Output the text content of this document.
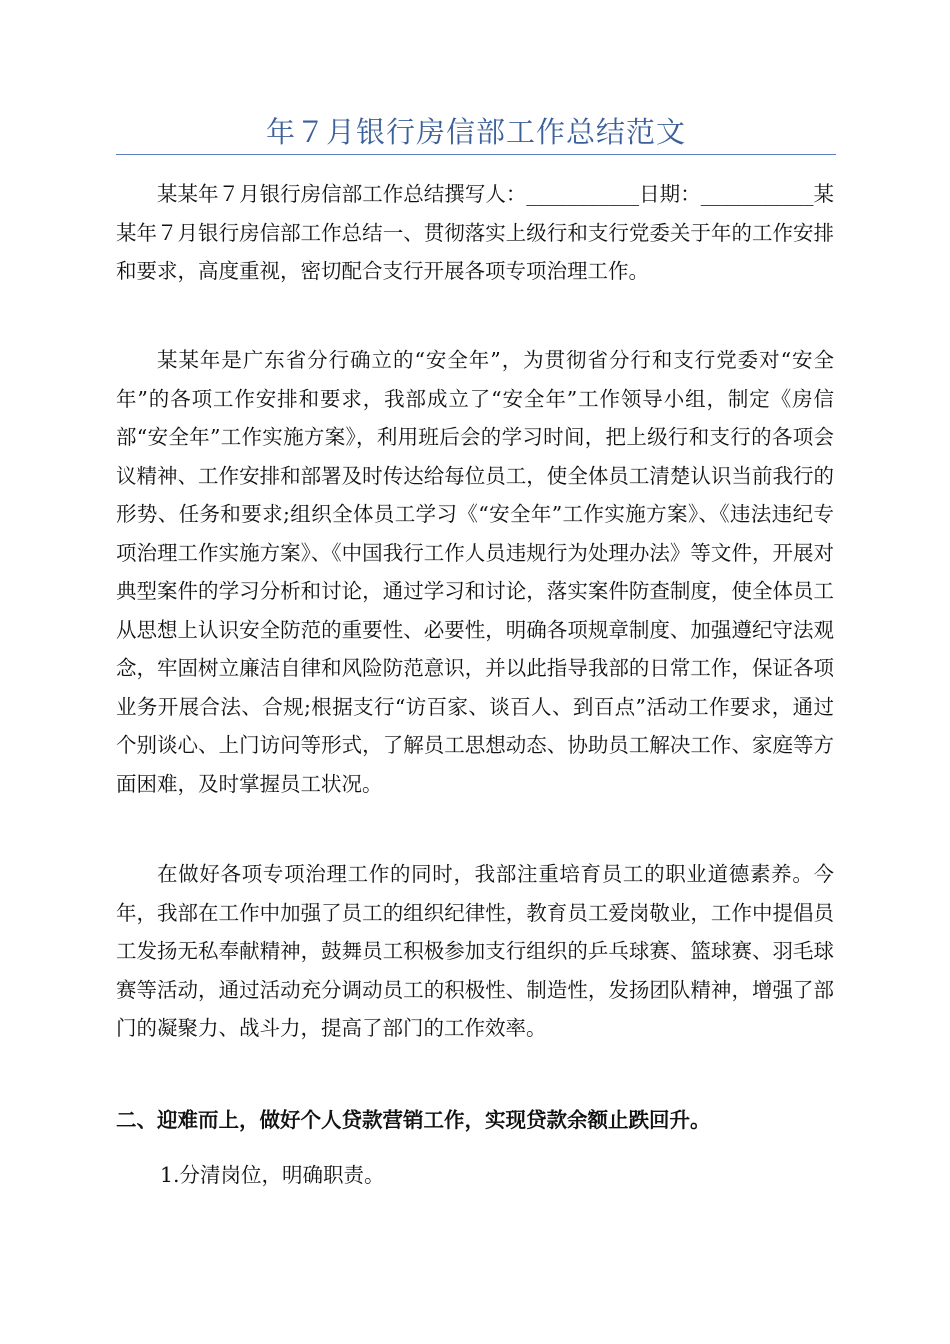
年７月银行房信部工作总结范文

某某年７月银行房信部工作总结撰写人：___________日期：___________某某年７月银行房信部工作总结一、贯彻落实上级行和支行党委关于年的工作安排和要求，高度重视，密切配合支行开展各项专项治理工作。

某某年是广东省分行确立的“安全年”，为贯彻省分行和支行党委对“安全年”的各项工作安排和要求，我部成立了“安全年”工作领导小组，制定《房信部“安全年”工作实施方案》，利用班后会的学习时间，把上级行和支行的各项会议精神、工作安排和部署及时传达给每位员工，使全体员工清楚认识当前我行的形势、任务和要求;组织全体员工学习《“安全年”工作实施方案》、《违法违纪专项治理工作实施方案》、《中国我行工作人员违规行为处理办法》等文件，开展对典型案件的学习分析和讨论，通过学习和讨论，落实案件防查制度，使全体员工从思想上认识安全防范的重要性、必要性，明确各项规章制度、加强遵纪守法观念，牢固树立廉洁自律和风险防范意识，并以此指导我部的日常工作，保证各项业务开展合法、合规;根据支行“访百家、谈百人、到百点”活动工作要求，通过个别谈心、上门访问等形式，了解员工思想动态、协助员工解决工作、家庭等方面困难，及时掌握员工状况。

在做好各项专项治理工作的同时，我部注重培育员工的职业道德素养。今年，我部在工作中加强了员工的组织纪律性，教育员工爱岗敬业，工作中提倡员工发扬无私奉献精神，鼓舞员工积极参加支行组织的乒乓球赛、篮球赛、羽毛球赛等活动，通过活动充分调动员工的积极性、制造性，发扬团队精神，增强了部门的凝聚力、战斗力，提高了部门的工作效率。

二、迎难而上，做好个人贷款营销工作，实现贷款余额止跌回升。

1.分清岗位，明确职责。
